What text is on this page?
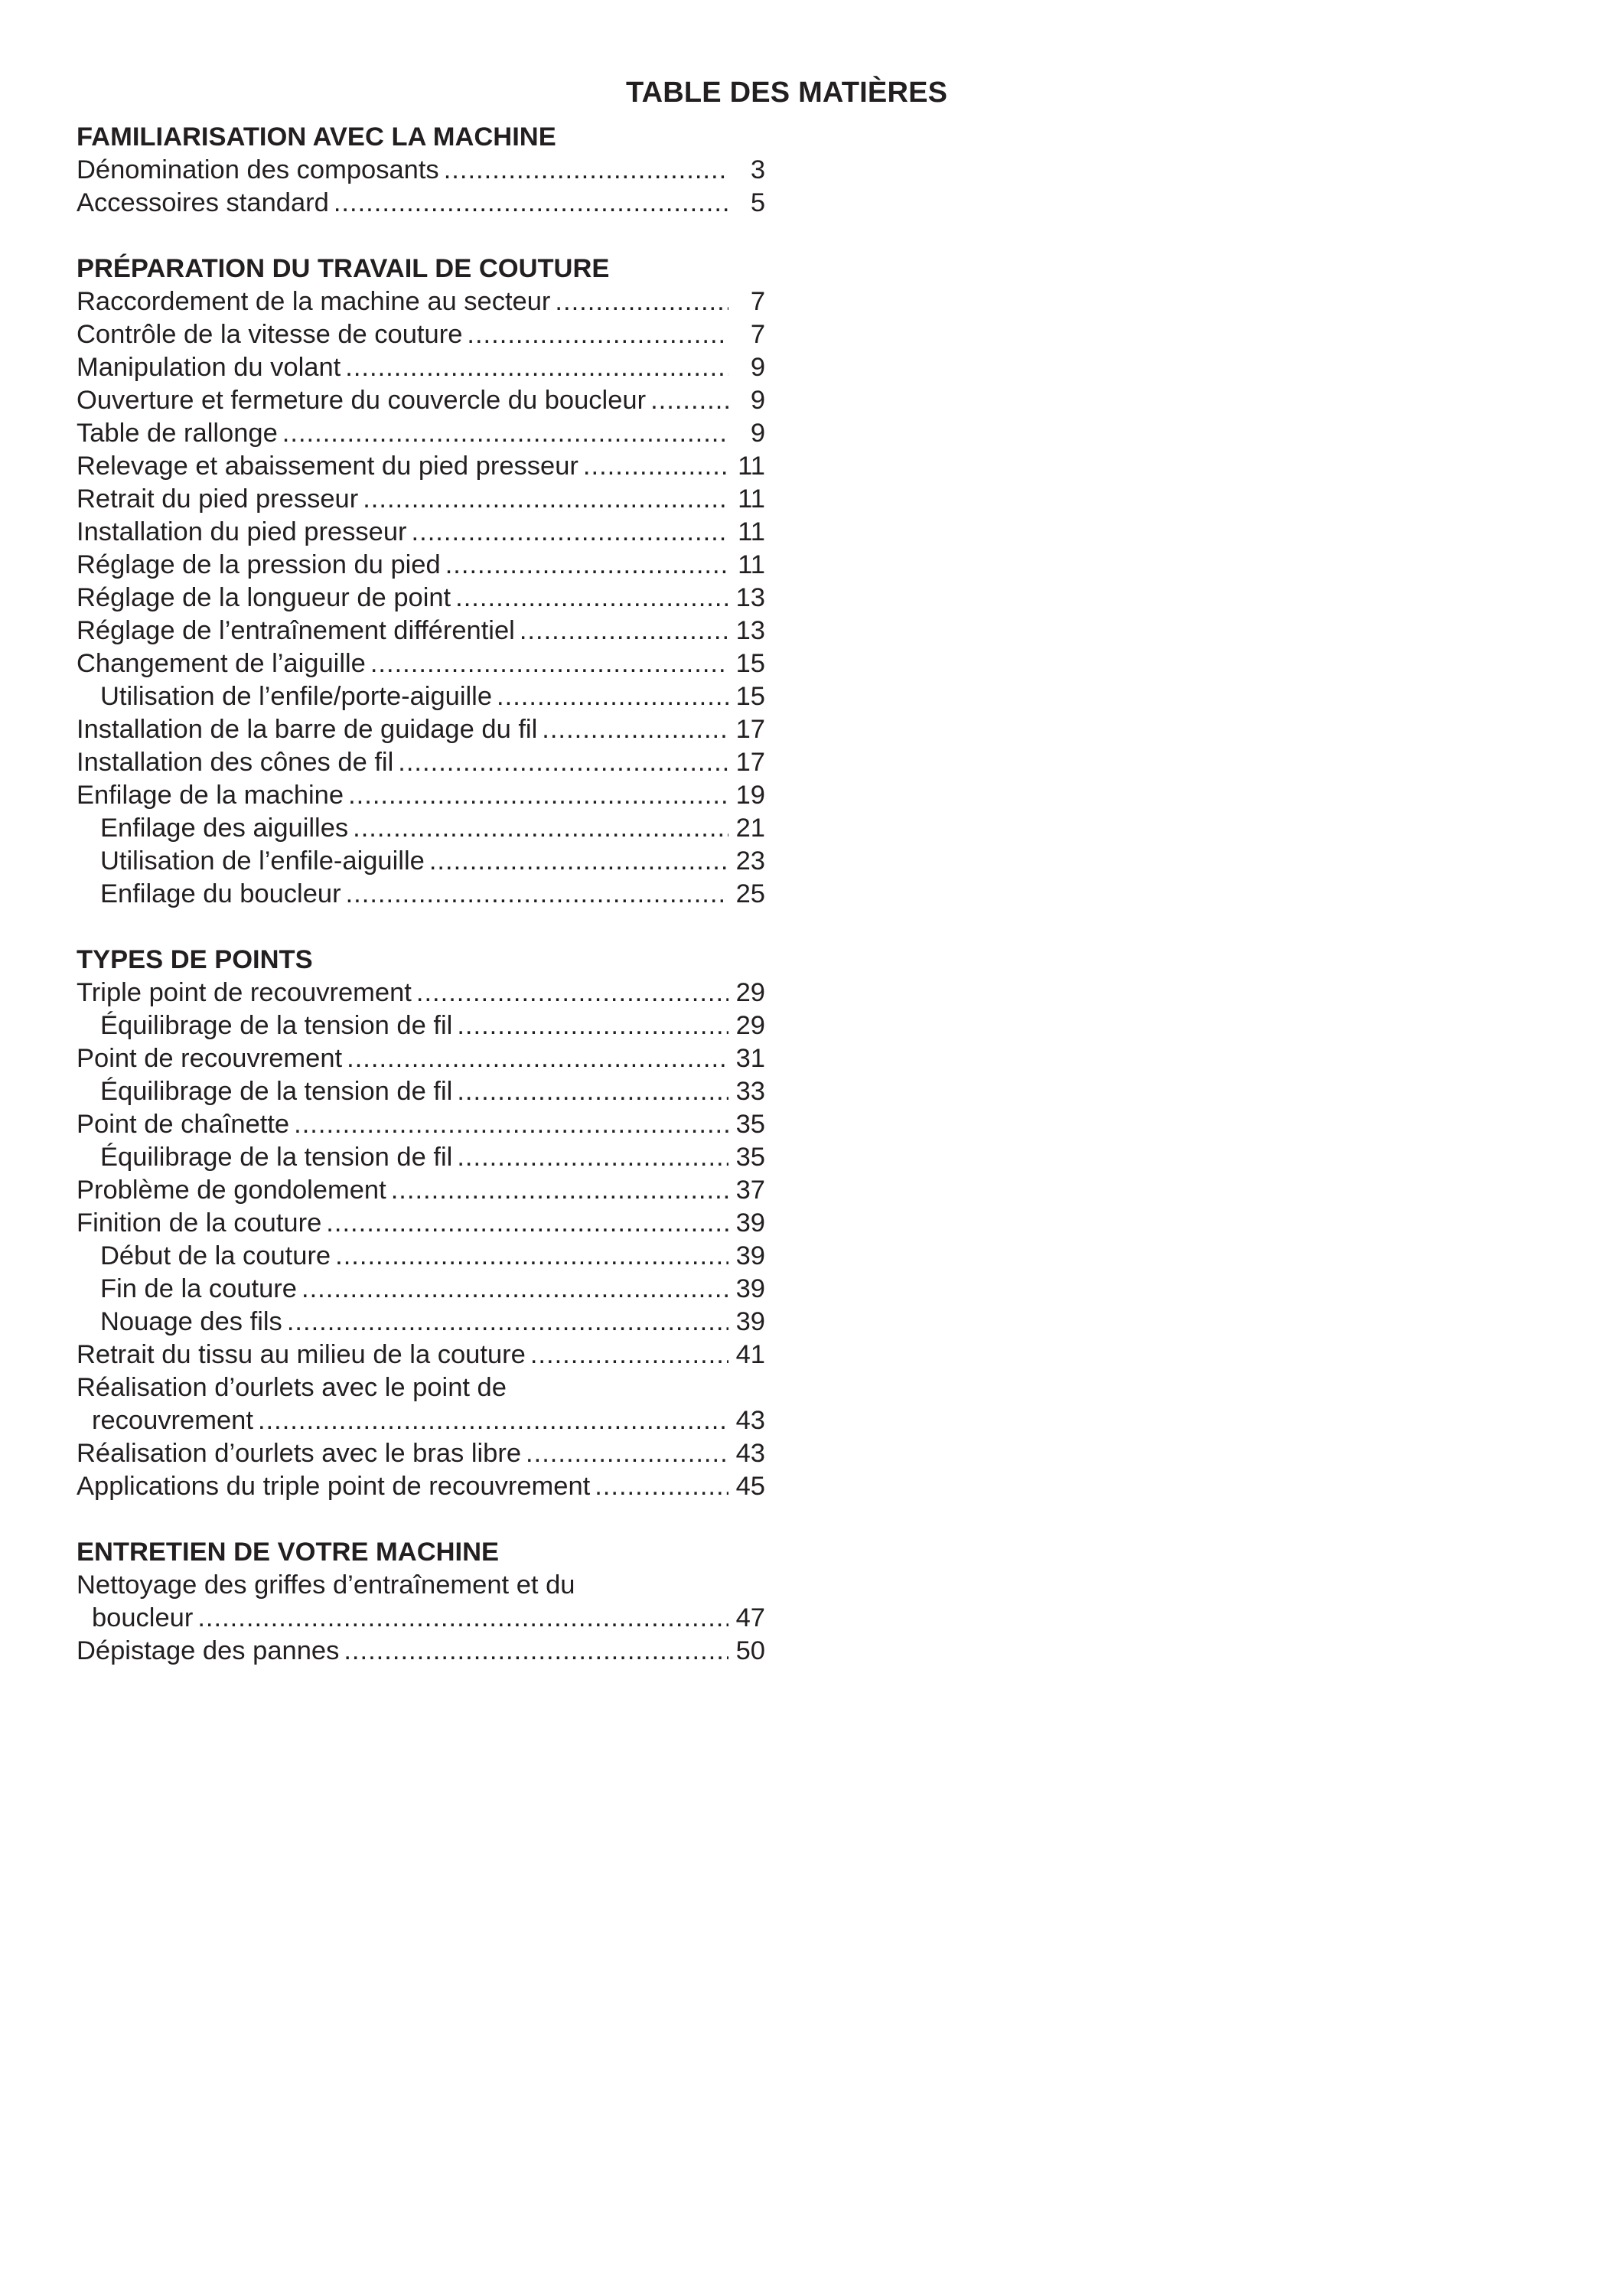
TABLE DES MATIÈRES
FAMILIARISATION AVEC LA MACHINE
Dénomination des composants .....	3
Accessoires standard .....	5
PRÉPARATION DU TRAVAIL DE COUTURE
Raccordement de la machine au secteur .....	7
Contrôle de la vitesse de couture .....	7
Manipulation du volant .....	9
Ouverture et fermeture du couvercle du boucleur .....	9
Table de rallonge .....	9
Relevage et abaissement du pied presseur .....	11
Retrait du pied presseur .....	11
Installation du pied presseur .....	11
Réglage de la pression du pied .....	11
Réglage de la longueur de point .....	13
Réglage de l’entraînement différentiel .....	13
Changement de l’aiguille .....	15
Utilisation de l’enfile/porte-aiguille .....	15
Installation de la barre de guidage du fil .....	17
Installation des cônes de fil .....	17
Enfilage de la machine .....	19
Enfilage des aiguilles .....	21
Utilisation de l’enfile-aiguille .....	23
Enfilage du boucleur .....	25
TYPES DE POINTS
Triple point de recouvrement .....	29
Équilibrage de la tension de fil .....	29
Point de recouvrement .....	31
Équilibrage de la tension de fil .....	33
Point de chaînette .....	35
Équilibrage de la tension de fil .....	35
Problème de gondolement .....	37
Finition de la couture .....	39
Début de la couture .....	39
Fin de la couture .....	39
Nouage des fils .....	39
Retrait du tissu au milieu de la couture .....	41
Réalisation d’ourlets avec le point de
recouvrement .....	43
Réalisation d’ourlets avec le bras libre .....	43
Applications du triple point de recouvrement .....	45
ENTRETIEN DE VOTRE MACHINE
Nettoyage des griffes d’entraînement et du
boucleur .....	47
Dépistage des pannes .....	50
